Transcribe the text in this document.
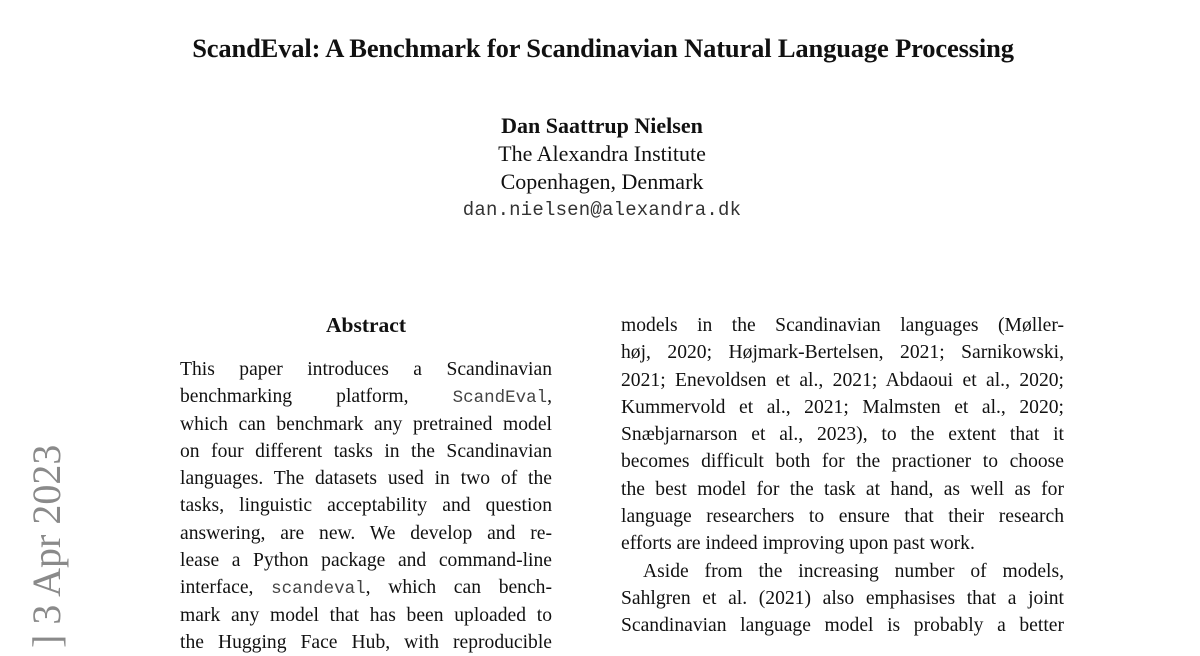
] 3 Apr 2023
ScandEval: A Benchmark for Scandinavian Natural Language Processing
Dan Saattrup Nielsen
The Alexandra Institute
Copenhagen, Denmark
dan.nielsen@alexandra.dk
Abstract
This paper introduces a Scandinavian
benchmarking platform, ScandEval,
which can benchmark any pretrained model
on four different tasks in the Scandinavian
languages. The datasets used in two of the
tasks, linguistic acceptability and question
answering, are new. We develop and re-
lease a Python package and command-line
interface, scandeval, which can bench-
mark any model that has been uploaded to
the Hugging Face Hub, with reproducible
models in the Scandinavian languages (Møller-
høj, 2020; Højmark-Bertelsen, 2021; Sarnikowski,
2021; Enevoldsen et al., 2021; Abdaoui et al., 2020;
Kummervold et al., 2021; Malmsten et al., 2020;
Snæbjarnarson et al., 2023), to the extent that it
becomes difficult both for the practioner to choose
the best model for the task at hand, as well as for
language researchers to ensure that their research
efforts are indeed improving upon past work.
Aside from the increasing number of models,
Sahlgren et al. (2021) also emphasises that a joint
Scandinavian language model is probably a better
